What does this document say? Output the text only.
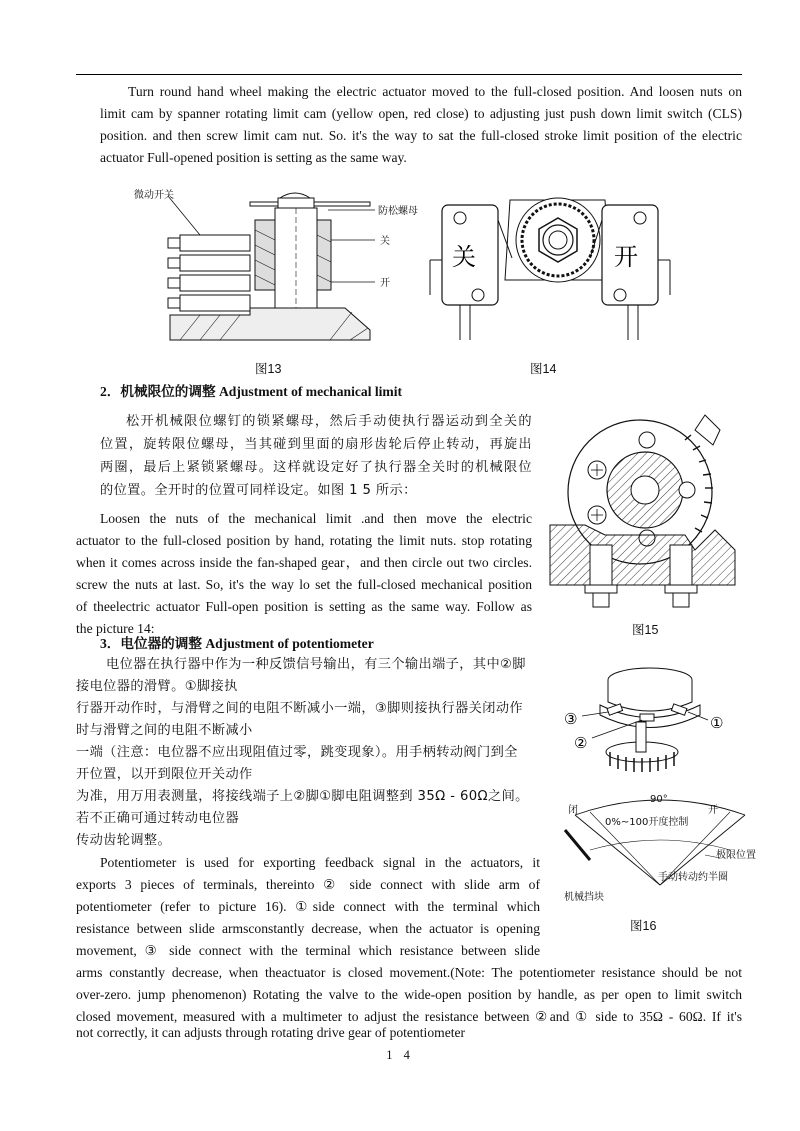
Turn round hand wheel making the electric actuator moved to the full-closed position. And loosen nuts on

limit cam by spanner rotating limit cam (yellow open, red close) to adjusting just push down limit switch (CLS)

position. and then screw limit cam nut. So. it's the way to sat the full-closed stroke limit position of the electric

actuator Full-opened position is setting as the same way.

微动开关
防松螺母
关
开
图13
关	开
图14

2．机械限位的调整 Adjustment of mechanical limit

松开机械限位螺钉的锁紧螺母，然后手动使执行器运动到全关的

位置，旋转限位螺母，当其碰到里面的扇形齿轮后停止转动，再旋出

两圈，最后上紧锁紧螺母。这样就设定好了执行器全关时的机械限位

的位置。全开时的位置可同样设定。如图 1 5 所示：

Loosen the nuts of the mechanical limit .and then move the electric

actuator to the full-closed position by hand, rotating the limit nuts. stop rotating

when it comes across inside the fan-shaped gear，and then circle out two circles.

screw the nuts at last. So, it's the way lo set the full-closed mechanical position

of theelectric actuator Full-open position is setting as the same way. Follow as

the picture 14:	图15

3．电位器的调整 Adjustment of potentiometer

电位器在执行器中作为一种反馈信号输出，有三个输出端子，其中②脚

接电位器的滑臂。①脚接执

行器开动作时，与滑臂之间的电阻不断减小一端，③脚则接执行器关闭动作

时与滑臂之间的电阻不断减小

一端（注意：电位器不应出现阻值过零，跳变现象）。用手柄转动阀门到全

开位置，以开到限位开关动作

为准，用万用表测量，将接线端子上②脚①脚电阻调整到 35Ω - 60Ω之间。

若不正确可通过转动电位器

传动齿轮调整。

Potentiometer is used for exporting feedback signal in the actuators, it

exports 3 pieces of terminals, thereinto ② side connect with slide arm of

potentiometer (refer to picture 16). ①side connect with the terminal which

resistance between slide armsconstantly decrease, when the actuator is opening

movement, ③ side connect with the terminal which resistance between slide

arms constantly decrease, when theactuator is closed movement.(Note: The potentiometer resistance should be not

over-zero. jump phenomenon) Rotating the valve to the wide-open position by handle, as per open to limit switch

closed movement, measured with a multimeter to adjust the resistance between ②and ① side to 35Ω - 60Ω. If it's

not correctly, it can adjusts through rotating drive gear of potentiometer

③
②
①
90°
闭	开
0%~100开度控制
极限位置
手动转动约半圈
机械挡块
图16
1 4
